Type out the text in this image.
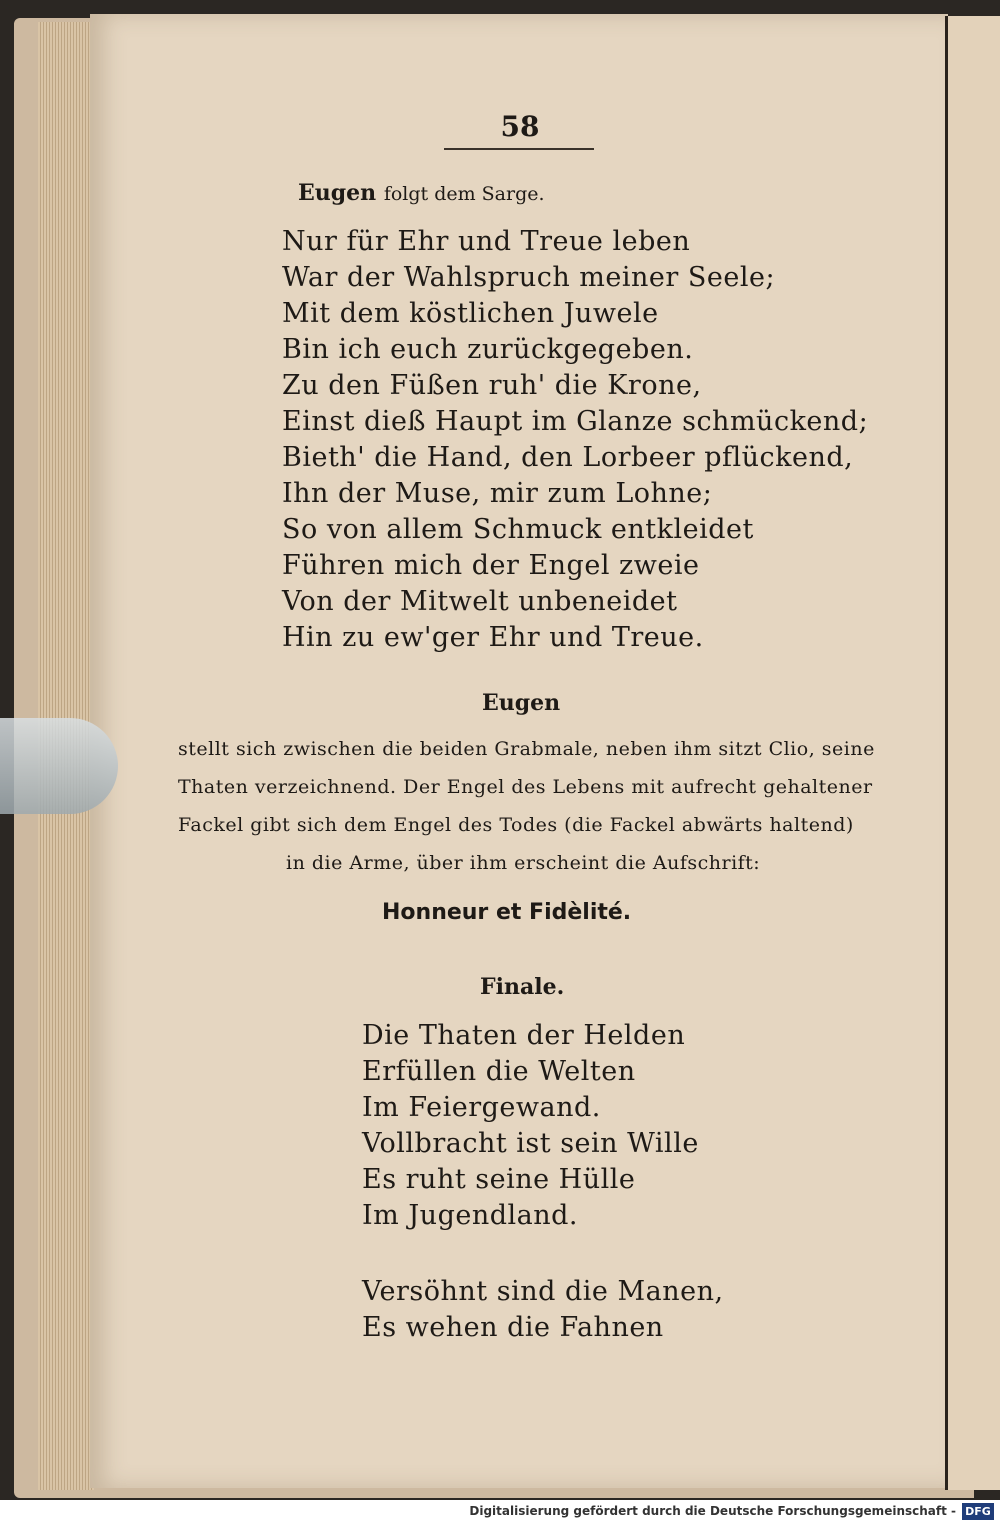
58
Eugen folgt dem Sarge.
Nur für Ehr und Treue leben
War der Wahlspruch meiner Seele;
Mit dem köstlichen Juwele
Bin ich euch zurückgegeben.
Zu den Füßen ruh' die Krone,
Einst dieß Haupt im Glanze schmückend;
Bieth' die Hand, den Lorbeer pflückend,
Ihn der Muse, mir zum Lohne;
So von allem Schmuck entkleidet
Führen mich der Engel zweie
Von der Mitwelt unbeneidet
Hin zu ew'ger Ehr und Treue.
Eugen
stellt sich zwischen die beiden Grabmale, neben ihm sitzt Clio, seine
Thaten verzeichnend. Der Engel des Lebens mit aufrecht gehaltener
Fackel gibt sich dem Engel des Todes (die Fackel abwärts haltend)
in die Arme, über ihm erscheint die Aufschrift:
Honneur et Fidèlité.
Finale.
Die Thaten der Helden
Erfüllen die Welten
Im Feiergewand.
Vollbracht ist sein Wille
Es ruht seine Hülle
Im Jugendland.
Versöhnt sind die Manen,
Es wehen die Fahnen
Digitalisierung gefördert durch die Deutsche Forschungsgemeinschaft - DFG
